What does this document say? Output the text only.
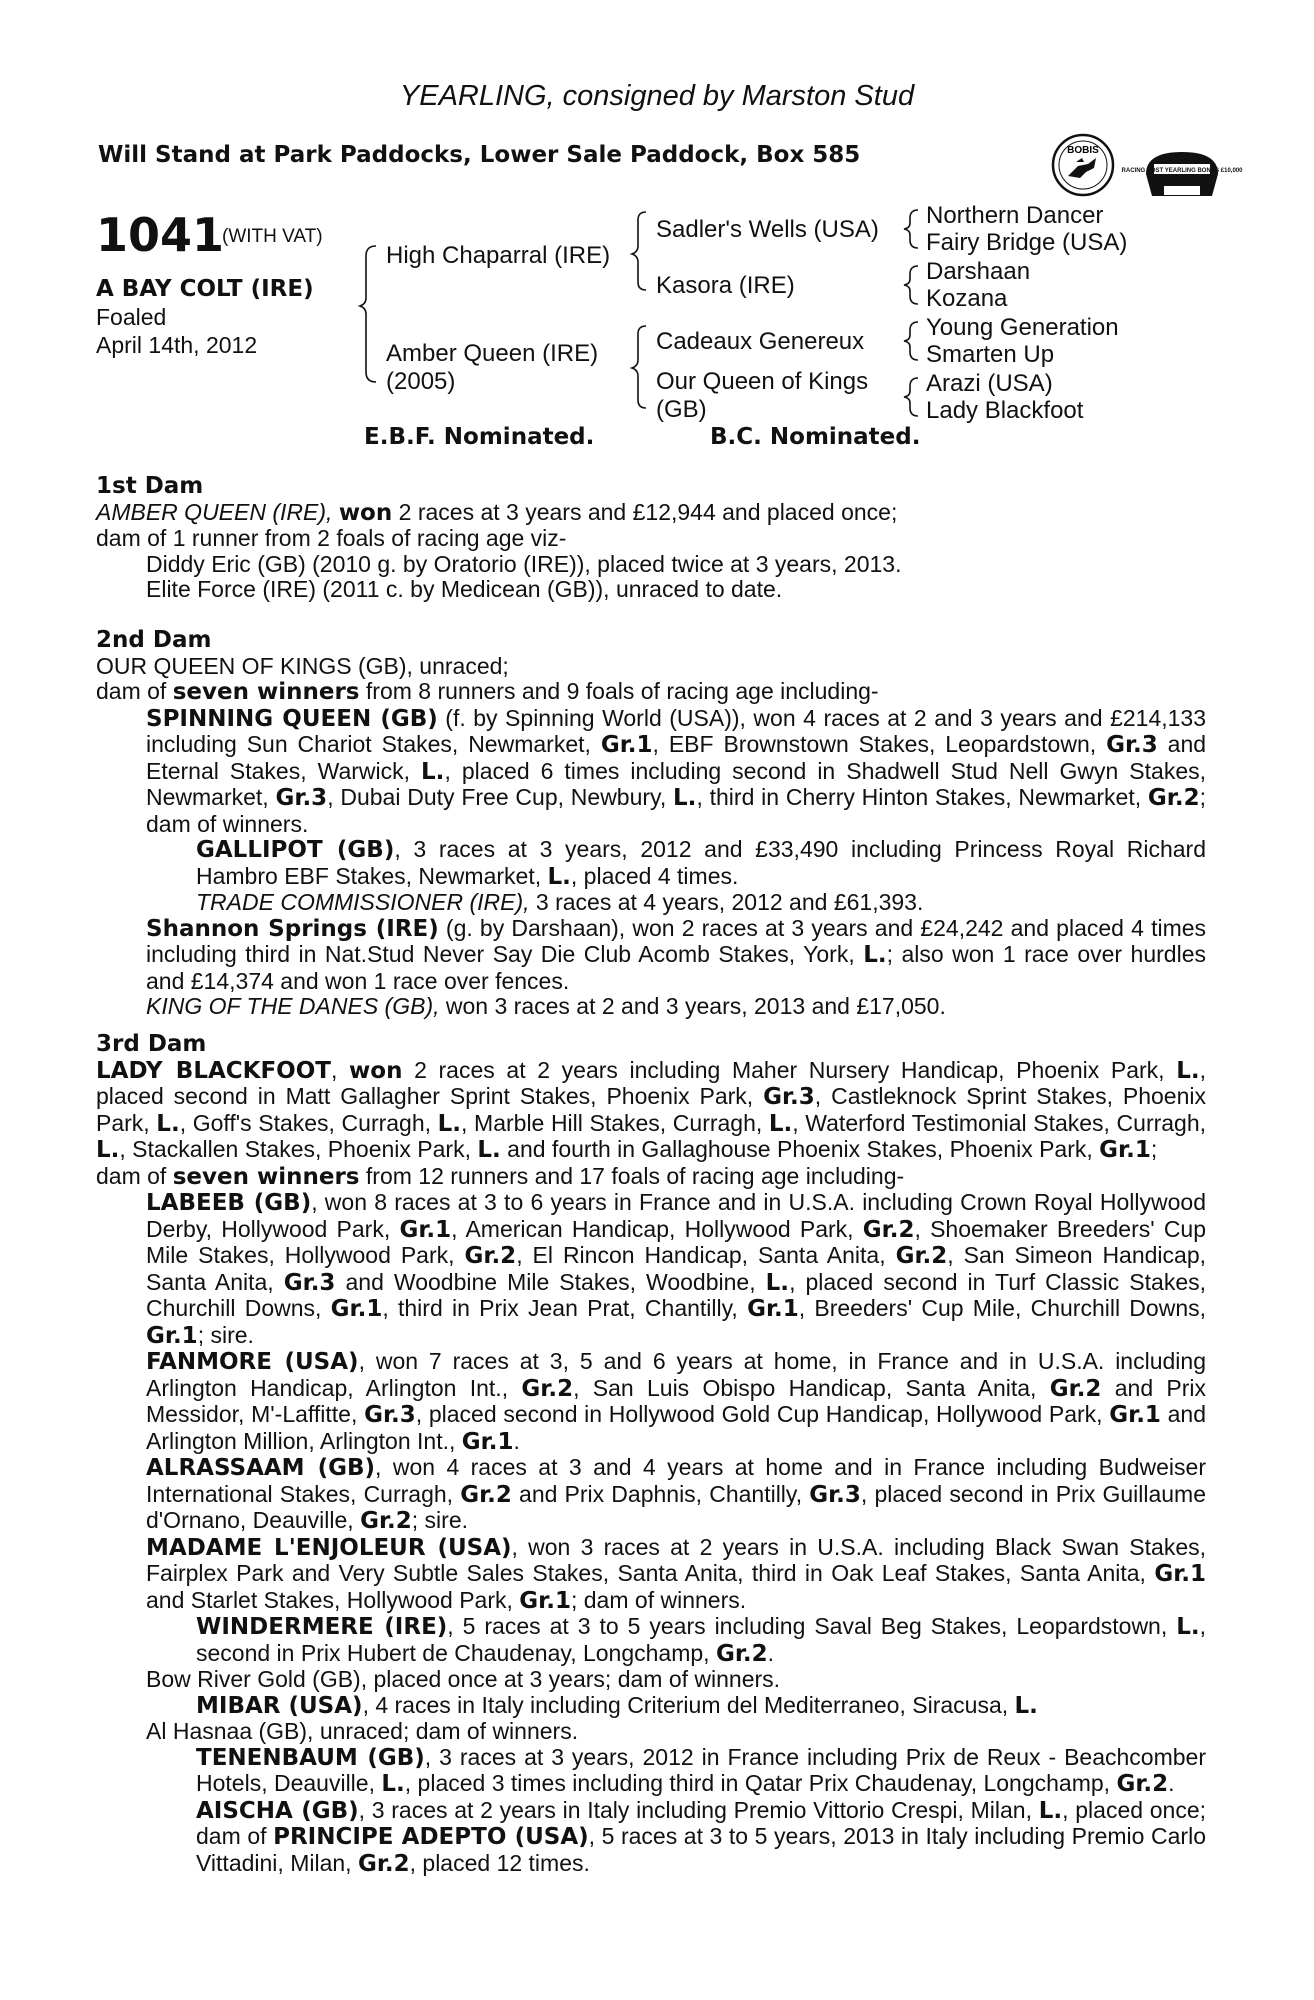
YEARLING, consigned by Marston Stud
Will Stand at Park Paddocks, Lower Sale Paddock, Box 585	BOBIS
RACING POST YEARLING BONUS £10,000
1041
(WITH VAT)
A BAY COLT (IRE)
Foaled
April 14th, 2012
High Chaparral (IRE)
Amber Queen (IRE)
(2005)
Sadler's Wells (USA)
Kasora (IRE)
Cadeaux Genereux
Our Queen of Kings
(GB)
Northern Dancer
Fairy Bridge (USA)
Darshaan
Kozana
Young Generation
Smarten Up
Arazi (USA)
Lady Blackfoot
E.B.F. Nominated.	B.C. Nominated.
1st Dam
AMBER QUEEN (IRE), won 2 races at 3 years and £12,944 and placed once;
dam of 1 runner from 2 foals of racing age viz-
Diddy Eric (GB) (2010 g. by Oratorio (IRE)), placed twice at 3 years, 2013.
Elite Force (IRE) (2011 c. by Medicean (GB)), unraced to date.
2nd Dam
OUR QUEEN OF KINGS (GB), unraced;
dam of seven winners from 8 runners and 9 foals of racing age including-
SPINNING QUEEN (GB) (f. by Spinning World (USA)), won 4 races at 2 and 3 years and £214,133 including Sun Chariot Stakes, Newmarket, Gr.1, EBF Brownstown Stakes, Leopardstown, Gr.3 and Eternal Stakes, Warwick, L., placed 6 times including second in Shadwell Stud Nell Gwyn Stakes, Newmarket, Gr.3, Dubai Duty Free Cup, Newbury, L., third in Cherry Hinton Stakes, Newmarket, Gr.2; dam of winners.
GALLIPOT (GB), 3 races at 3 years, 2012 and £33,490 including Princess Royal Richard Hambro EBF Stakes, Newmarket, L., placed 4 times.
TRADE COMMISSIONER (IRE), 3 races at 4 years, 2012 and £61,393.
Shannon Springs (IRE) (g. by Darshaan), won 2 races at 3 years and £24,242 and placed 4 times including third in Nat.Stud Never Say Die Club Acomb Stakes, York, L.; also won 1 race over hurdles and £14,374 and won 1 race over fences.
KING OF THE DANES (GB), won 3 races at 2 and 3 years, 2013 and £17,050.
3rd Dam
LADY BLACKFOOT, won 2 races at 2 years including Maher Nursery Handicap, Phoenix Park, L., placed second in Matt Gallagher Sprint Stakes, Phoenix Park, Gr.3, Castleknock Sprint Stakes, Phoenix Park, L., Goff's Stakes, Curragh, L., Marble Hill Stakes, Curragh, L., Waterford Testimonial Stakes, Curragh, L., Stackallen Stakes, Phoenix Park, L. and fourth in Gallaghouse Phoenix Stakes, Phoenix Park, Gr.1;
dam of seven winners from 12 runners and 17 foals of racing age including-
LABEEB (GB), won 8 races at 3 to 6 years in France and in U.S.A. including Crown Royal Hollywood Derby, Hollywood Park, Gr.1, American Handicap, Hollywood Park, Gr.2, Shoemaker Breeders' Cup Mile Stakes, Hollywood Park, Gr.2, El Rincon Handicap, Santa Anita, Gr.2, San Simeon Handicap, Santa Anita, Gr.3 and Woodbine Mile Stakes, Woodbine, L., placed second in Turf Classic Stakes, Churchill Downs, Gr.1, third in Prix Jean Prat, Chantilly, Gr.1, Breeders' Cup Mile, Churchill Downs, Gr.1; sire.
FANMORE (USA), won 7 races at 3, 5 and 6 years at home, in France and in U.S.A. including Arlington Handicap, Arlington Int., Gr.2, San Luis Obispo Handicap, Santa Anita, Gr.2 and Prix Messidor, M'-Laffitte, Gr.3, placed second in Hollywood Gold Cup Handicap, Hollywood Park, Gr.1 and Arlington Million, Arlington Int., Gr.1.
ALRASSAAM (GB), won 4 races at 3 and 4 years at home and in France including Budweiser International Stakes, Curragh, Gr.2 and Prix Daphnis, Chantilly, Gr.3, placed second in Prix Guillaume d'Ornano, Deauville, Gr.2; sire.
MADAME L'ENJOLEUR (USA), won 3 races at 2 years in U.S.A. including Black Swan Stakes, Fairplex Park and Very Subtle Sales Stakes, Santa Anita, third in Oak Leaf Stakes, Santa Anita, Gr.1 and Starlet Stakes, Hollywood Park, Gr.1; dam of winners.
WINDERMERE (IRE), 5 races at 3 to 5 years including Saval Beg Stakes, Leopardstown, L., second in Prix Hubert de Chaudenay, Longchamp, Gr.2.
Bow River Gold (GB), placed once at 3 years; dam of winners.
MIBAR (USA), 4 races in Italy including Criterium del Mediterraneo, Siracusa, L.
Al Hasnaa (GB), unraced; dam of winners.
TENENBAUM (GB), 3 races at 3 years, 2012 in France including Prix de Reux - Beachcomber Hotels, Deauville, L., placed 3 times including third in Qatar Prix Chaudenay, Longchamp, Gr.2.
AISCHA (GB), 3 races at 2 years in Italy including Premio Vittorio Crespi, Milan, L., placed once; dam of PRINCIPE ADEPTO (USA), 5 races at 3 to 5 years, 2013 in Italy including Premio Carlo Vittadini, Milan, Gr.2, placed 12 times.
